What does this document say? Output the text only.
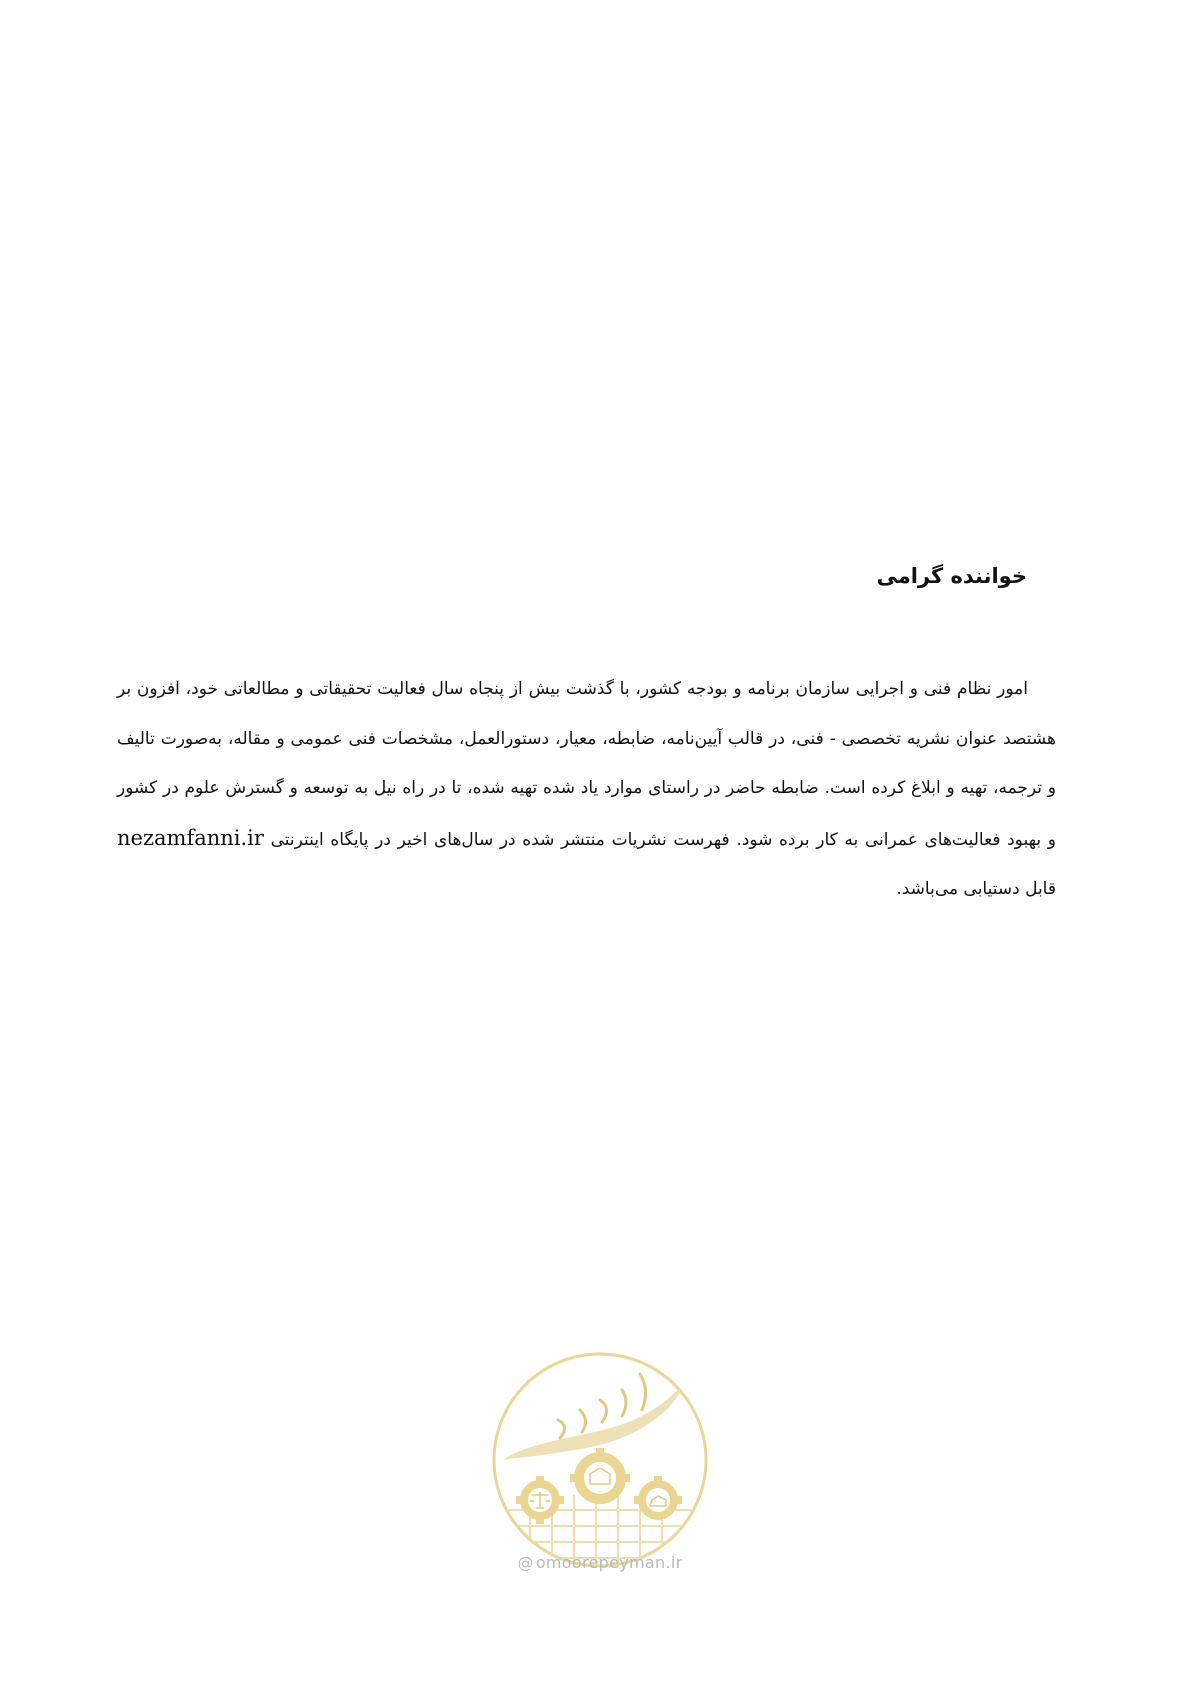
خواننده گرامی

امور نظام فنی و اجرایی سازمان برنامه و بودجه کشور، با گذشت بیش از پنجاه سال فعالیت تحقیقاتی و مطالعاتی خود، افزون بر هشتصد عنوان نشریه تخصصی - فنی، در قالب آیین‌نامه، ضابطه، معیار، دستورالعمل، مشخصات فنی عمومی و مقاله، به‌صورت تالیف و ترجمه، تهیه و ابلاغ کرده است. ضابطه حاضر در راستای موارد یاد شده تهیه شده، تا در راه نیل به توسعه و گسترش علوم در کشور و بهبود فعالیت‌های عمرانی به کار برده شود. فهرست نشریات منتشر شده در سال‌های اخیر در پایگاه اینترنتی nezamfanni.ir قابل دستیابی می‌باشد.

@ omoorepeyman.ir
